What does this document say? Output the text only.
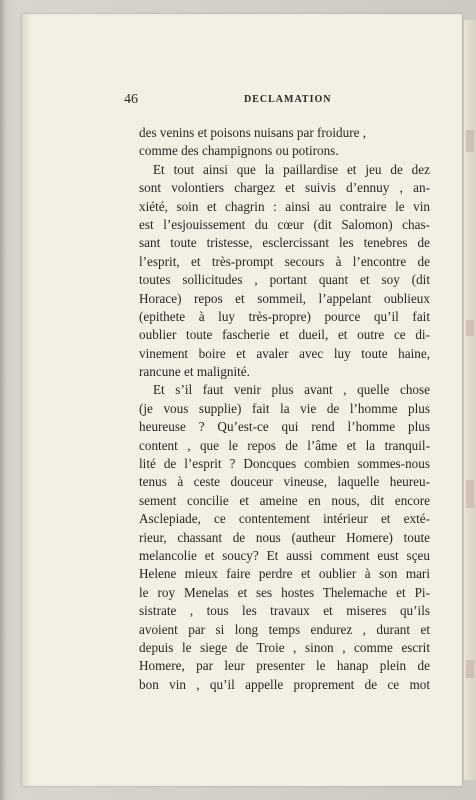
46	DECLAMATION
des venins et poisons nuisans par froidure ,
comme des champignons ou potirons.
Et tout ainsi que la paillardise et jeu de dez
sont volontiers chargez et suivis d’ennuy , an-
xiété, soin et chagrin : ainsi au contraire le vin
est l’esjouissement du cœur (dit Salomon) chas-
sant toute tristesse, esclercissant les tenebres de
l’esprit, et très-prompt secours à l’encontre de
toutes sollicitudes , portant quant et soy (dit
Horace) repos et sommeil, l’appelant oublieux
(epithete à luy très-propre) pource qu’il fait
oublier toute fascherie et dueil, et outre ce di-
vinement boire et avaler avec luy toute haine,
rancune et malignité.
Et s’il faut venir plus avant , quelle chose
(je vous supplie) fait la vie de l’homme plus
heureuse ? Qu’est-ce qui rend l’homme plus
content , que le repos de l’âme et la tranquil-
lité de l’esprit ? Doncques combien sommes-nous
tenus à ceste douceur vineuse, laquelle heureu-
sement concilie et ameine en nous, dit encore
Asclepiade, ce contentement intérieur et exté-
rieur, chassant de nous (autheur Homere) toute
melancolie et soucy? Et aussi comment eust sçeu
Helene mieux faire perdre et oublier à son mari
le roy Menelas et ses hostes Thelemache et Pi-
sistrate , tous les travaux et miseres qu’ils
avoient par si long temps endurez , durant et
depuis le siege de Troie , sinon , comme escrit
Homere, par leur presenter le hanap plein de
bon vin , qu’il appelle proprement de ce mot
